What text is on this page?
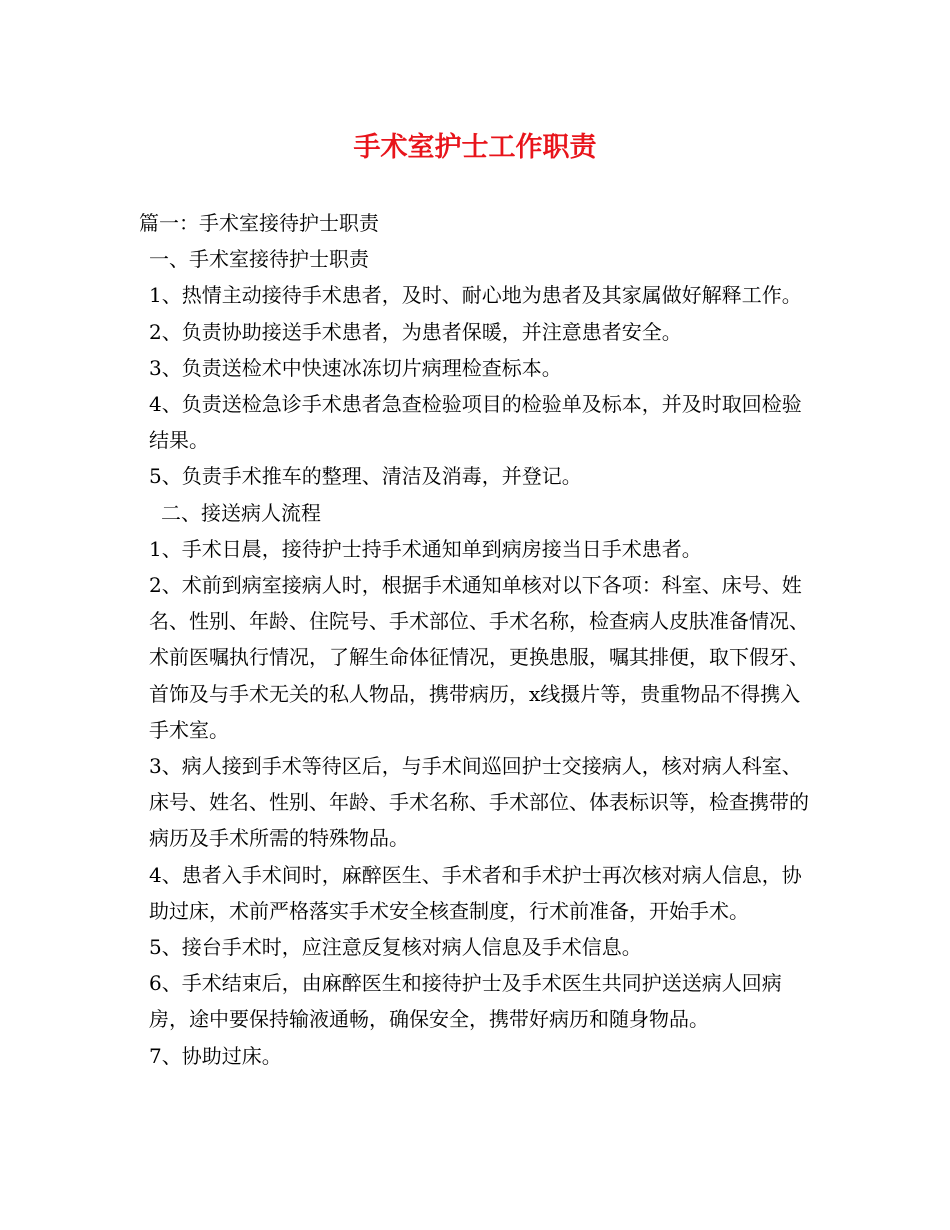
手术室护士工作职责

篇一：手术室接待护士职责

一、手术室接待护士职责

1、热情主动接待手术患者，及时、耐心地为患者及其家属做好解释工作。

2、负责协助接送手术患者，为患者保暖，并注意患者安全。

3、负责送检术中快速冰冻切片病理检查标本。

4、负责送检急诊手术患者急查检验项目的检验单及标本，并及时取回检验结果。

5、负责手术推车的整理、清洁及消毒，并登记。

二、接送病人流程

1、手术日晨，接待护士持手术通知单到病房接当日手术患者。

2、术前到病室接病人时，根据手术通知单核对以下各项：科室、床号、姓名、性别、年龄、住院号、手术部位、手术名称，检查病人皮肤准备情况、术前医嘱执行情况，了解生命体征情况，更换患服，嘱其排便，取下假牙、首饰及与手术无关的私人物品，携带病历，x线摄片等，贵重物品不得携入手术室。

3、病人接到手术等待区后，与手术间巡回护士交接病人，核对病人科室、床号、姓名、性别、年龄、手术名称、手术部位、体表标识等，检查携带的病历及手术所需的特殊物品。

4、患者入手术间时，麻醉医生、手术者和手术护士再次核对病人信息，协助过床，术前严格落实手术安全核查制度，行术前准备，开始手术。

5、接台手术时，应注意反复核对病人信息及手术信息。

6、手术结束后，由麻醉医生和接待护士及手术医生共同护送送病人回病房，途中要保持输液通畅，确保安全，携带好病历和随身物品。

7、协助过床。
